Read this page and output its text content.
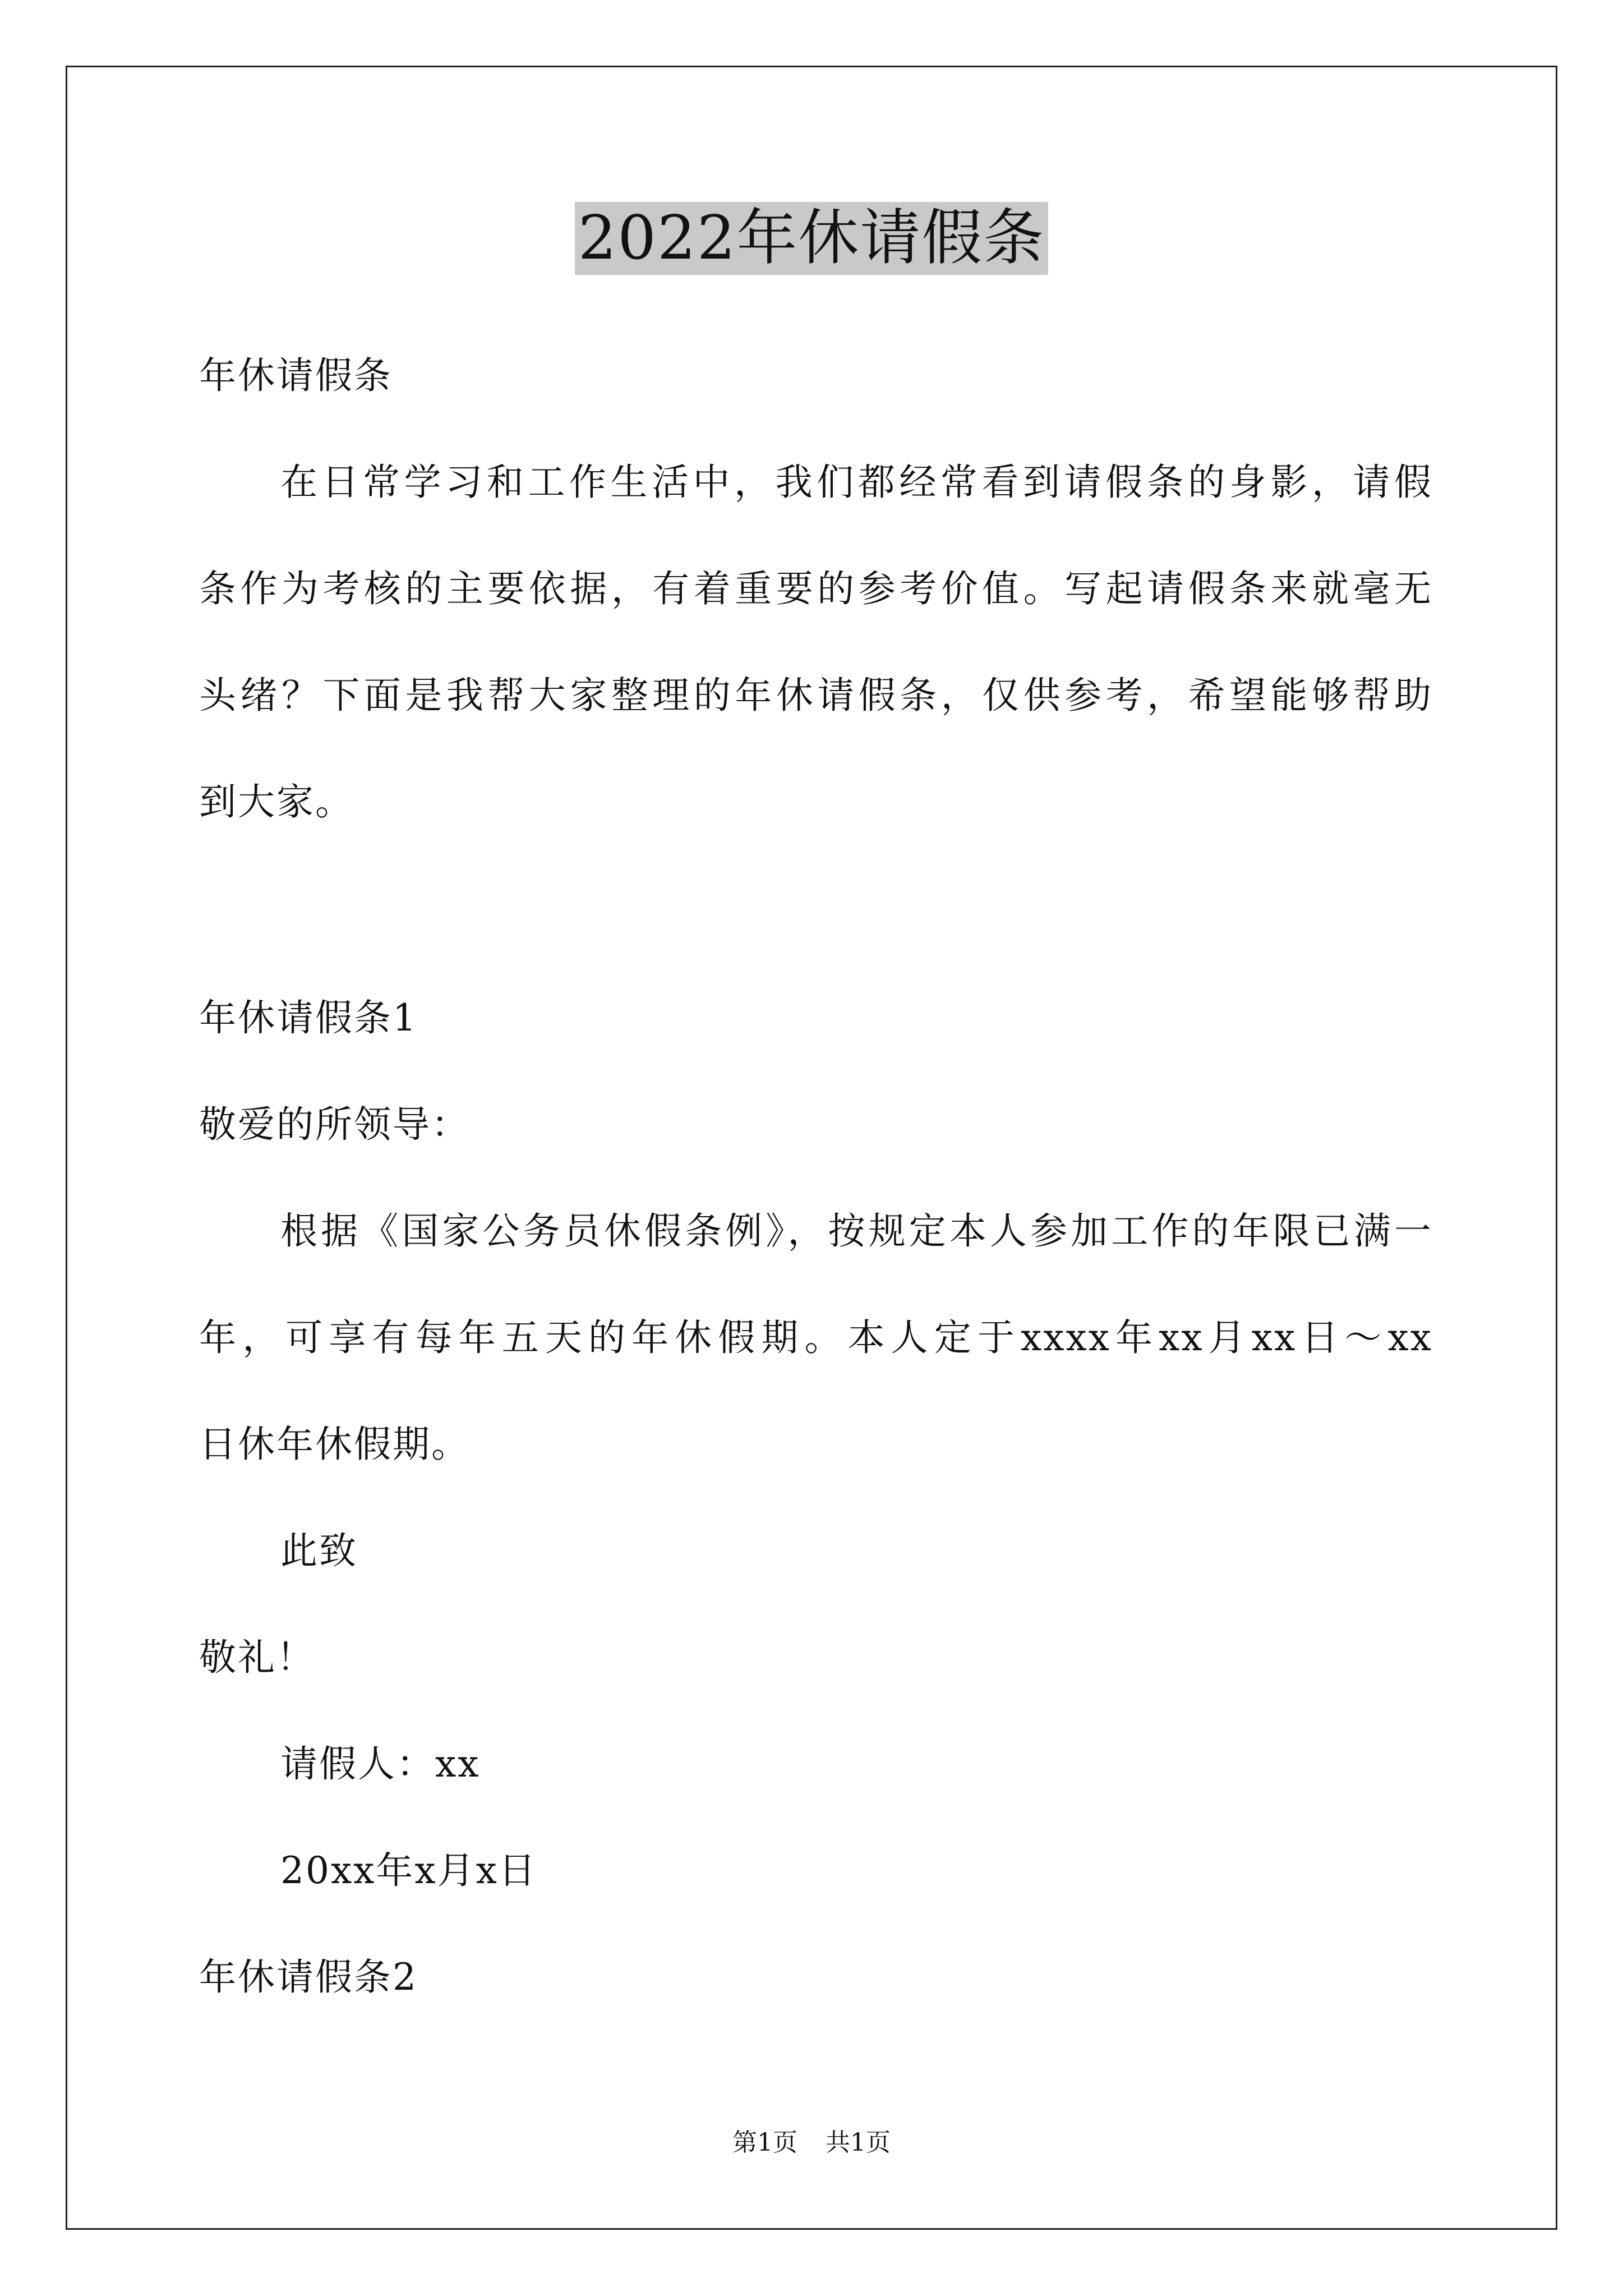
2022年休请假条
年休请假条
在日常学习和工作生活中，我们都经常看到请假条的身影，请假
条作为考核的主要依据，有着重要的参考价值。写起请假条来就毫无
头绪？下面是我帮大家整理的年休请假条，仅供参考，希望能够帮助
到大家。
年休请假条1
敬爱的所领导：
根据《国家公务员休假条例》，按规定本人参加工作的年限已满一
年，可享有每年五天的年休假期。本人定于xxxx年xx月xx日～xx
日休年休假期。
此致
敬礼！
请假人：xx
20xx年x月x日
年休请假条2
第1页 共1页
